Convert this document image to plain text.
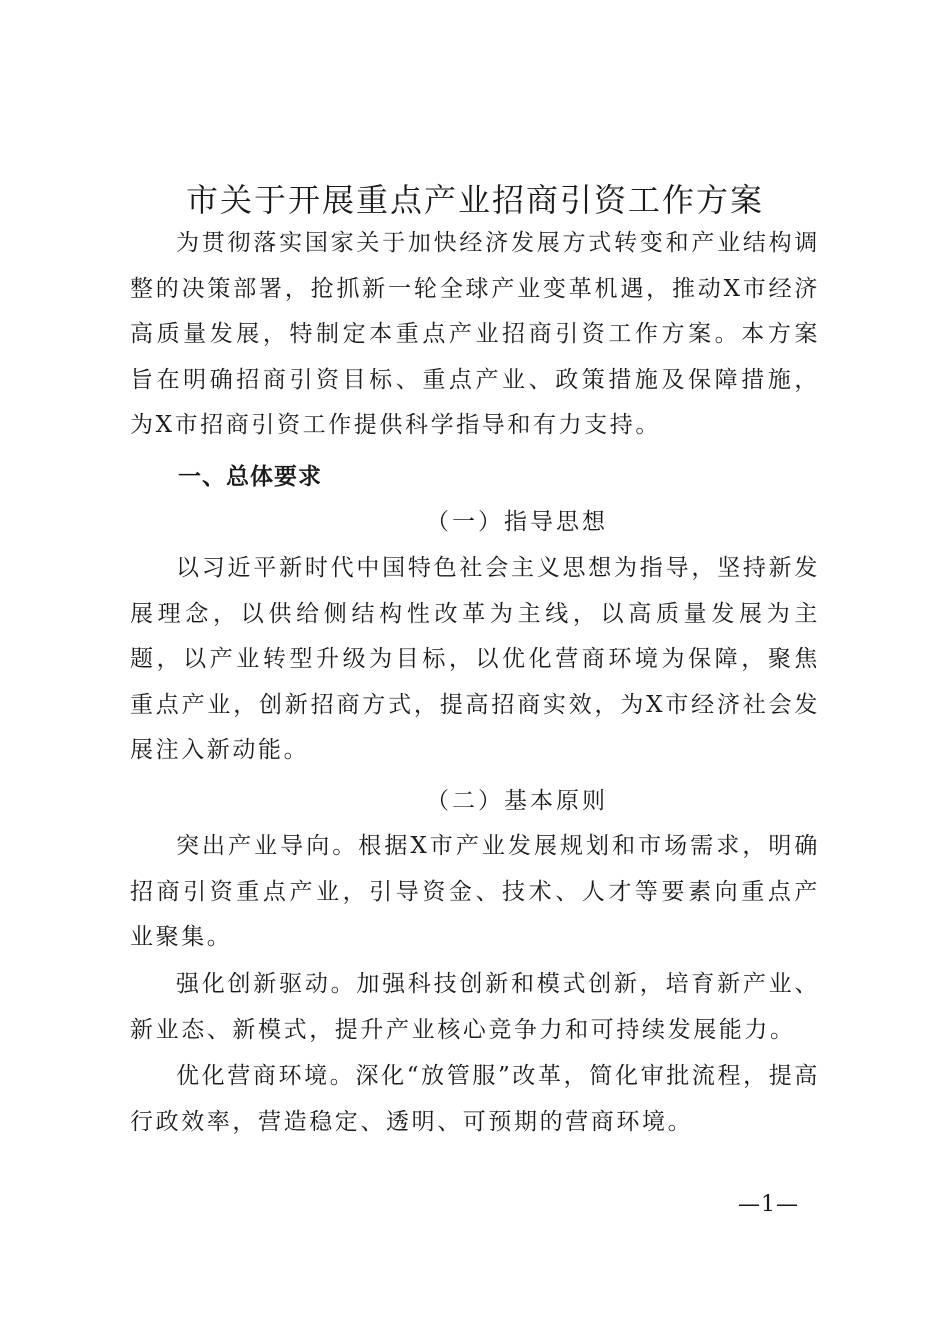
市关于开展重点产业招商引资工作方案

为贯彻落实国家关于加快经济发展方式转变和产业结构调整的决策部署，抢抓新一轮全球产业变革机遇，推动X市经济高质量发展，特制定本重点产业招商引资工作方案。本方案旨在明确招商引资目标、重点产业、政策措施及保障措施，为X市招商引资工作提供科学指导和有力支持。

一、总体要求

（一）指导思想

以习近平新时代中国特色社会主义思想为指导，坚持新发展理念，以供给侧结构性改革为主线，以高质量发展为主题，以产业转型升级为目标，以优化营商环境为保障，聚焦重点产业，创新招商方式，提高招商实效，为X市经济社会发展注入新动能。

（二）基本原则

突出产业导向。根据X市产业发展规划和市场需求，明确招商引资重点产业，引导资金、技术、人才等要素向重点产业聚集。

强化创新驱动。加强科技创新和模式创新，培育新产业、新业态、新模式，提升产业核心竞争力和可持续发展能力。

优化营商环境。深化“放管服”改革，简化审批流程，提高行政效率，营造稳定、透明、可预期的营商环境。

—1—
